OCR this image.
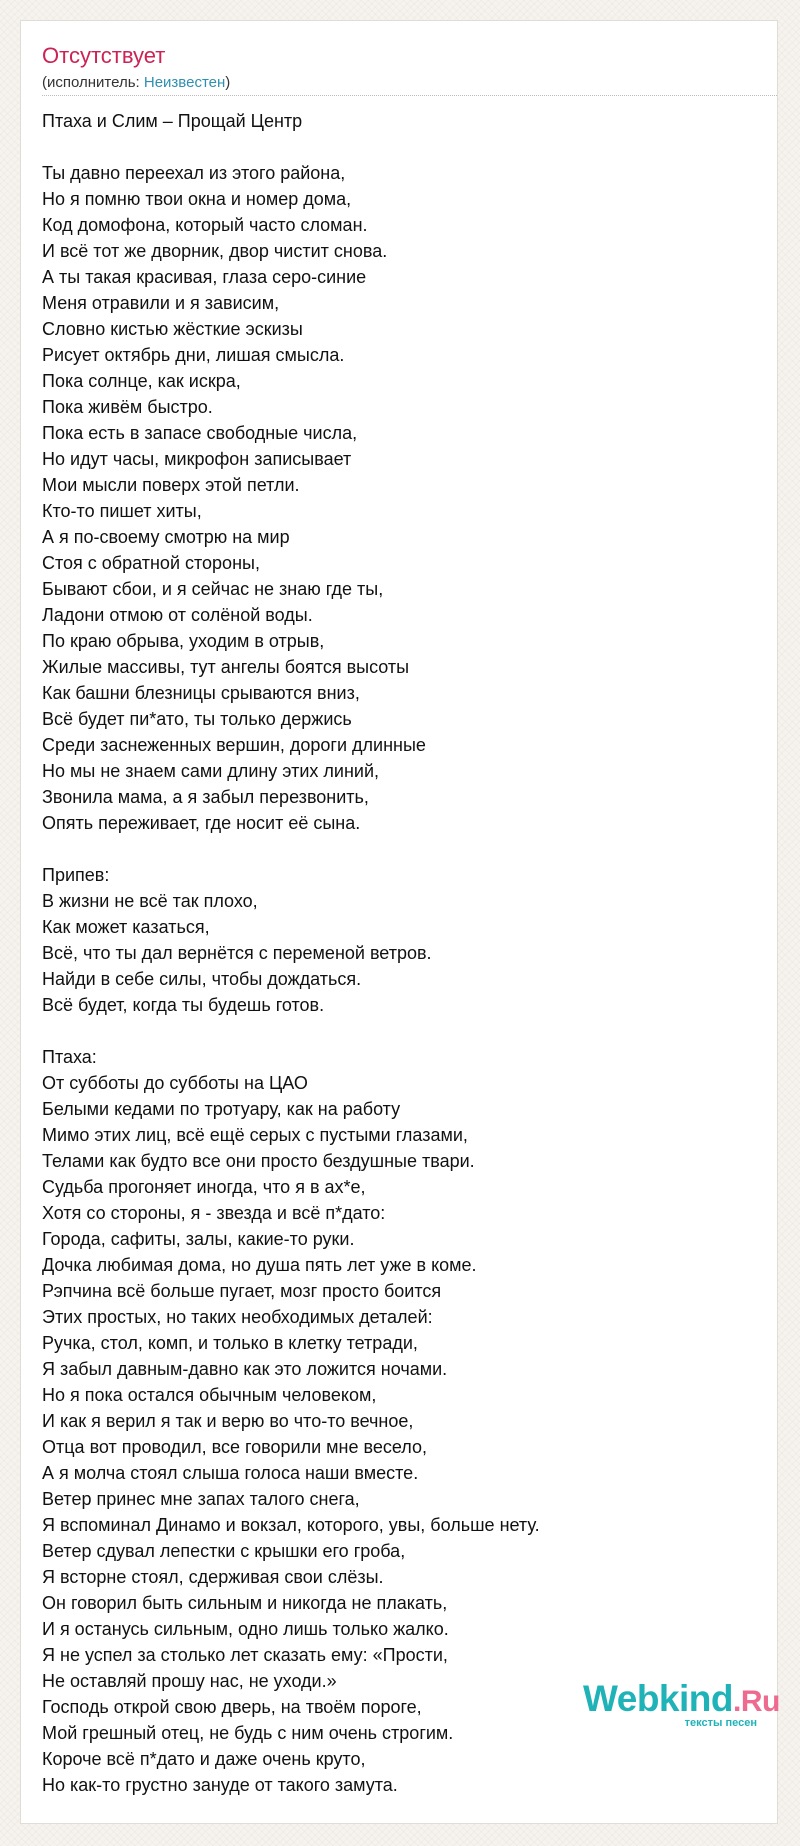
Отсутствует
(исполнитель: Неизвестен)
Птаха и Слим – Прощай Центр
Ты давно переехал из этого района,
Но я помню твои окна и номер дома,
Код домофона, который часто сломан.
И всё тот же дворник, двор чистит снова.
А ты такая красивая, глаза серо-синие
Меня отравили и я зависим,
Словно кистью жёсткие эскизы
Рисует октябрь дни, лишая смысла.
Пока солнце, как искра,
Пока живём быстро.
Пока есть в запасе свободные числа,
Но идут часы, микрофон записывает
Мои мысли поверх этой петли.
Кто-то пишет хиты,
А я по-своему смотрю на мир
Стоя с обратной стороны,
Бывают сбои, и я сейчас не знаю где ты,
Ладони отмою от солёной воды.
По краю обрыва, уходим в отрыв,
Жилые массивы, тут ангелы боятся высоты
Как башни блезницы срываются вниз,
Всё будет пи*ато, ты только держись
Среди заснеженных вершин, дороги длинные
Но мы не знаем сами длину этих линий,
Звонила мама, а я забыл перезвонить,
Опять переживает, где носит её сына.
Припев:
В жизни не всё так плохо,
Как может казаться,
Всё, что ты дал вернётся с переменой ветров.
Найди в себе силы, чтобы дождаться.
Всё будет, когда ты будешь готов.
Птаха:
От субботы до субботы на ЦАО
Белыми кедами по тротуару, как на работу
Мимо этих лиц, всё ещё серых с пустыми глазами,
Телами как будто все они просто бездушные твари.
Судьба прогоняет иногда, что я в ах*е,
Хотя со стороны, я - звезда и всё п*дато:
Города, сафиты, залы, какие-то руки.
Дочка любимая дома, но душа пять лет уже в коме.
Рэпчина всё больше пугает, мозг просто боится
Этих простых, но таких необходимых деталей:
Ручка, стол, комп, и только в клетку тетради,
Я забыл давным-давно как это ложится ночами.
Но я пока остался обычным человеком,
И как я верил я так и верю во что-то вечное,
Отца вот проводил, все говорили мне весело,
А я молча стоял слыша голоса наши вместе.
Ветер принес мне запах талого снега,
Я вспоминал Динамо и вокзал, которого, увы, больше нету.
Ветер сдувал лепестки с крышки его гроба,
Я всторне стоял, сдерживая свои слёзы.
Он говорил быть сильным и никогда не плакать,
И я останусь сильным, одно лишь только жалко.
Я не успел за столько лет сказать ему: «Прости,
Не оставляй прошу нас, не уходи.»
Господь открой свою дверь, на твоём пороге,
Мой грешный отец, не будь с ним очень строгим.
Короче всё п*дато и даже очень круто,
Но как-то грустно зануде от такого замута.
Webkind.Ru
тексты песен
